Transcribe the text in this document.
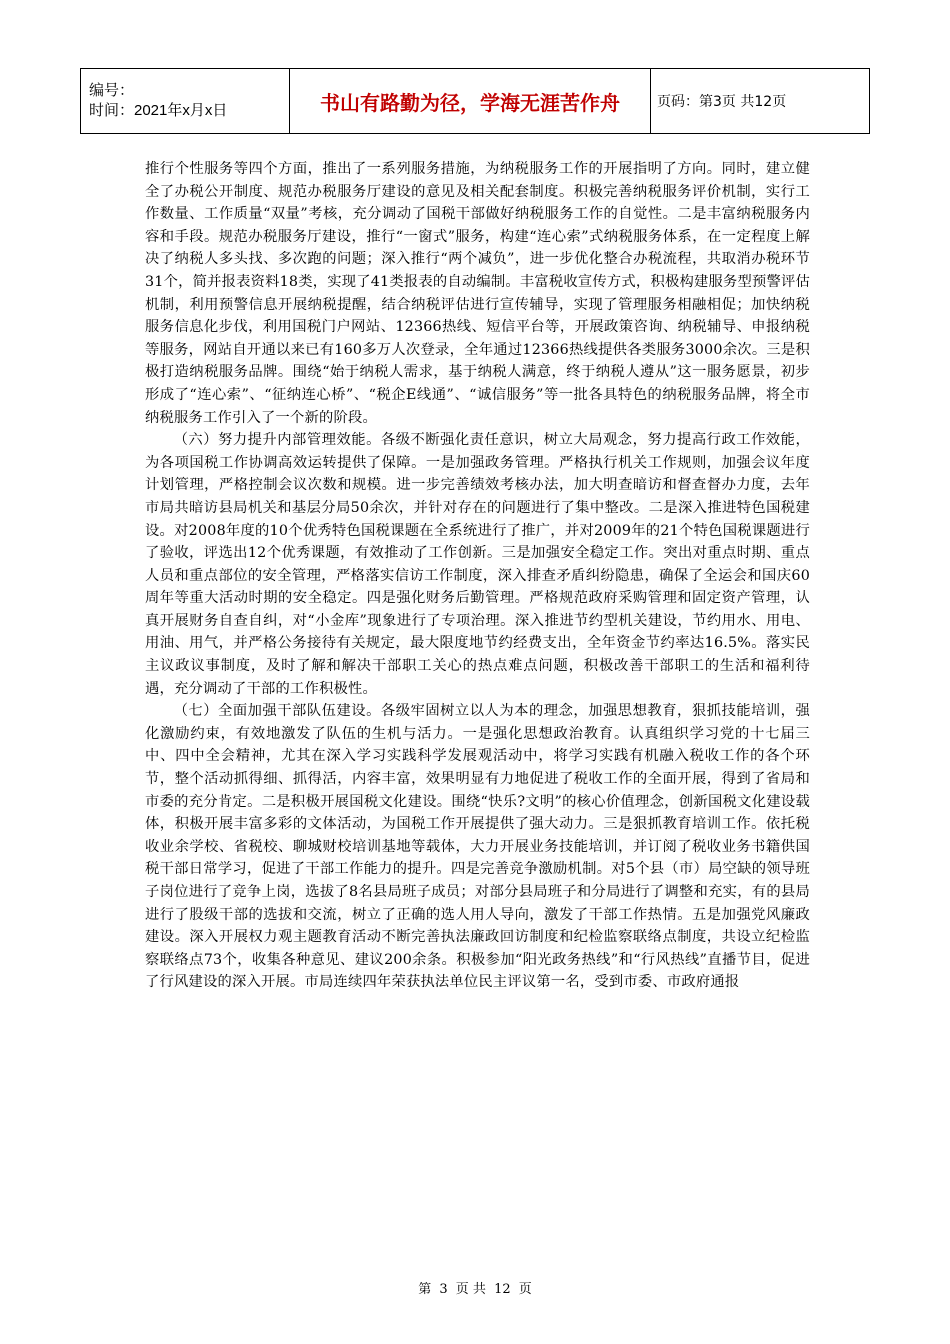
编号：
时间：2021年x月x日	书山有路勤为径，学海无涯苦作舟	页码：第3页 共12页

推行个性服务等四个方面，推出了一系列服务措施，为纳税服务工作的开展指明了方向。同时，建立健全了办税公开制度、规范办税服务厅建设的意见及相关配套制度。积极完善纳税服务评价机制，实行工作数量、工作质量“双量”考核，充分调动了国税干部做好纳税服务工作的自觉性。二是丰富纳税服务内容和手段。规范办税服务厅建设，推行“一窗式”服务，构建“连心索”式纳税服务体系，在一定程度上解决了纳税人多头找、多次跑的问题；深入推行“两个减负”，进一步优化整合办税流程，共取消办税环节31个，简并报表资料18类，实现了41类报表的自动编制。丰富税收宣传方式，积极构建服务型预警评估机制，利用预警信息开展纳税提醒，结合纳税评估进行宣传辅导，实现了管理服务相融相促；加快纳税服务信息化步伐，利用国税门户网站、12366热线、短信平台等，开展政策咨询、纳税辅导、申报纳税等服务，网站自开通以来已有160多万人次登录，全年通过12366热线提供各类服务3000余次。三是积极打造纳税服务品牌。围绕“始于纳税人需求，基于纳税人满意，终于纳税人遵从”这一服务愿景，初步形成了“连心索”、“征纳连心桥”、“税企E线通”、“诚信服务”等一批各具特色的纳税服务品牌，将全市纳税服务工作引入了一个新的阶段。

（六）努力提升内部管理效能。各级不断强化责任意识，树立大局观念，努力提高行政工作效能，为各项国税工作协调高效运转提供了保障。一是加强政务管理。严格执行机关工作规则，加强会议年度计划管理，严格控制会议次数和规模。进一步完善绩效考核办法，加大明查暗访和督查督办力度，去年市局共暗访县局机关和基层分局50余次，并针对存在的问题进行了集中整改。二是深入推进特色国税建设。对2008年度的10个优秀特色国税课题在全系统进行了推广，并对2009年的21个特色国税课题进行了验收，评选出12个优秀课题，有效推动了工作创新。三是加强安全稳定工作。突出对重点时期、重点人员和重点部位的安全管理，严格落实信访工作制度，深入排查矛盾纠纷隐患，确保了全运会和国庆60周年等重大活动时期的安全稳定。四是强化财务后勤管理。严格规范政府采购管理和固定资产管理，认真开展财务自查自纠，对“小金库”现象进行了专项治理。深入推进节约型机关建设，节约用水、用电、用油、用气，并严格公务接待有关规定，最大限度地节约经费支出，全年资金节约率达16.5%。落实民主议政议事制度，及时了解和解决干部职工关心的热点难点问题，积极改善干部职工的生活和福利待遇，充分调动了干部的工作积极性。

（七）全面加强干部队伍建设。各级牢固树立以人为本的理念，加强思想教育，狠抓技能培训，强化激励约束，有效地激发了队伍的生机与活力。一是强化思想政治教育。认真组织学习党的十七届三中、四中全会精神，尤其在深入学习实践科学发展观活动中，将学习实践有机融入税收工作的各个环节，整个活动抓得细、抓得活，内容丰富，效果明显有力地促进了税收工作的全面开展，得到了省局和市委的充分肯定。二是积极开展国税文化建设。围绕“快乐?文明”的核心价值理念，创新国税文化建设载体，积极开展丰富多彩的文体活动，为国税工作开展提供了强大动力。三是狠抓教育培训工作。依托税收业余学校、省税校、聊城财校培训基地等载体，大力开展业务技能培训，并订阅了税收业务书籍供国税干部日常学习，促进了干部工作能力的提升。四是完善竞争激励机制。对5个县（市）局空缺的领导班子岗位进行了竞争上岗，选拔了8名县局班子成员；对部分县局班子和分局进行了调整和充实，有的县局进行了股级干部的选拔和交流，树立了正确的选人用人导向，激发了干部工作热情。五是加强党风廉政建设。深入开展权力观主题教育活动不断完善执法廉政回访制度和纪检监察联络点制度，共设立纪检监察联络点73个，收集各种意见、建议200余条。积极参加“阳光政务热线”和“行风热线”直播节目，促进了行风建设的深入开展。市局连续四年荣获执法单位民主评议第一名，受到市委、市政府通报

第 3 页 共 12 页
